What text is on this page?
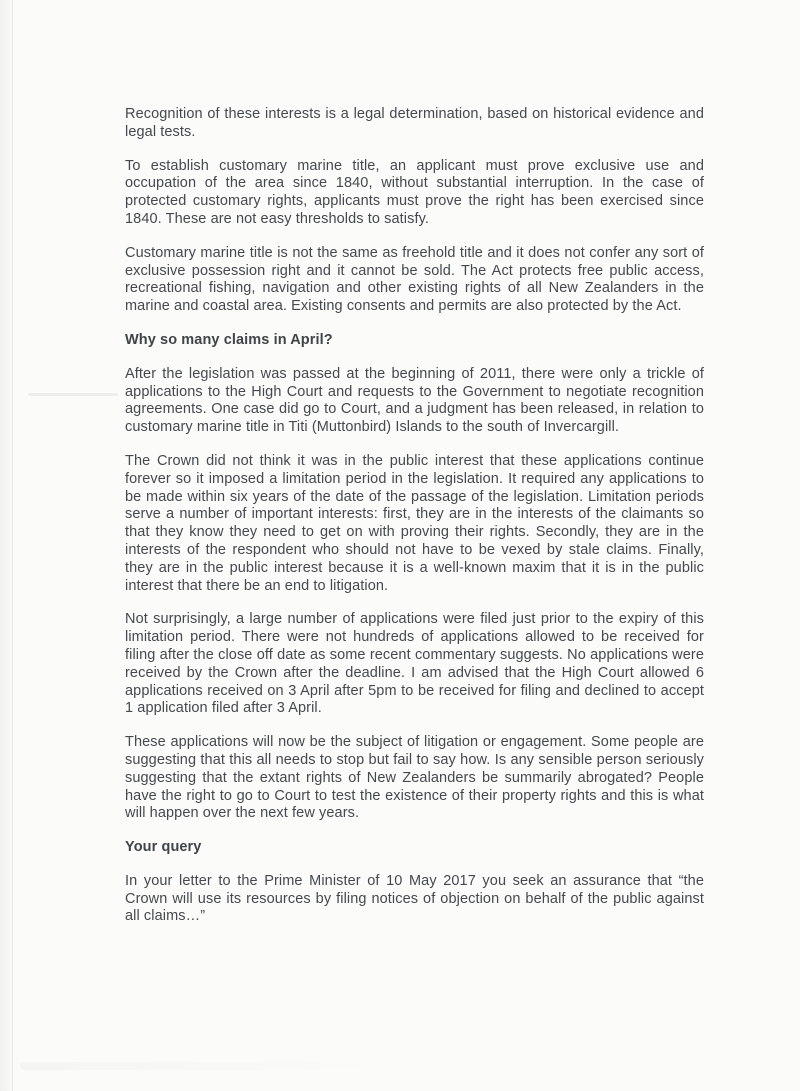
Recognition of these interests is a legal determination, based on historical evidence and legal tests.

To establish customary marine title, an applicant must prove exclusive use and occupation of the area since 1840, without substantial interruption. In the case of protected customary rights, applicants must prove the right has been exercised since 1840. These are not easy thresholds to satisfy.

Customary marine title is not the same as freehold title and it does not confer any sort of exclusive possession right and it cannot be sold. The Act protects free public access, recreational fishing, navigation and other existing rights of all New Zealanders in the marine and coastal area. Existing consents and permits are also protected by the Act.

Why so many claims in April?

After the legislation was passed at the beginning of 2011, there were only a trickle of applications to the High Court and requests to the Government to negotiate recognition agreements. One case did go to Court, and a judgment has been released, in relation to customary marine title in Titi (Muttonbird) Islands to the south of Invercargill.

The Crown did not think it was in the public interest that these applications continue forever so it imposed a limitation period in the legislation. It required any applications to be made within six years of the date of the passage of the legislation. Limitation periods serve a number of important interests: first, they are in the interests of the claimants so that they know they need to get on with proving their rights. Secondly, they are in the interests of the respondent who should not have to be vexed by stale claims. Finally, they are in the public interest because it is a well-known maxim that it is in the public interest that there be an end to litigation.

Not surprisingly, a large number of applications were filed just prior to the expiry of this limitation period. There were not hundreds of applications allowed to be received for filing after the close off date as some recent commentary suggests. No applications were received by the Crown after the deadline. I am advised that the High Court allowed 6 applications received on 3 April after 5pm to be received for filing and declined to accept 1 application filed after 3 April.

These applications will now be the subject of litigation or engagement. Some people are suggesting that this all needs to stop but fail to say how. Is any sensible person seriously suggesting that the extant rights of New Zealanders be summarily abrogated? People have the right to go to Court to test the existence of their property rights and this is what will happen over the next few years.

Your query

In your letter to the Prime Minister of 10 May 2017 you seek an assurance that “the Crown will use its resources by filing notices of objection on behalf of the public against all claims…”
